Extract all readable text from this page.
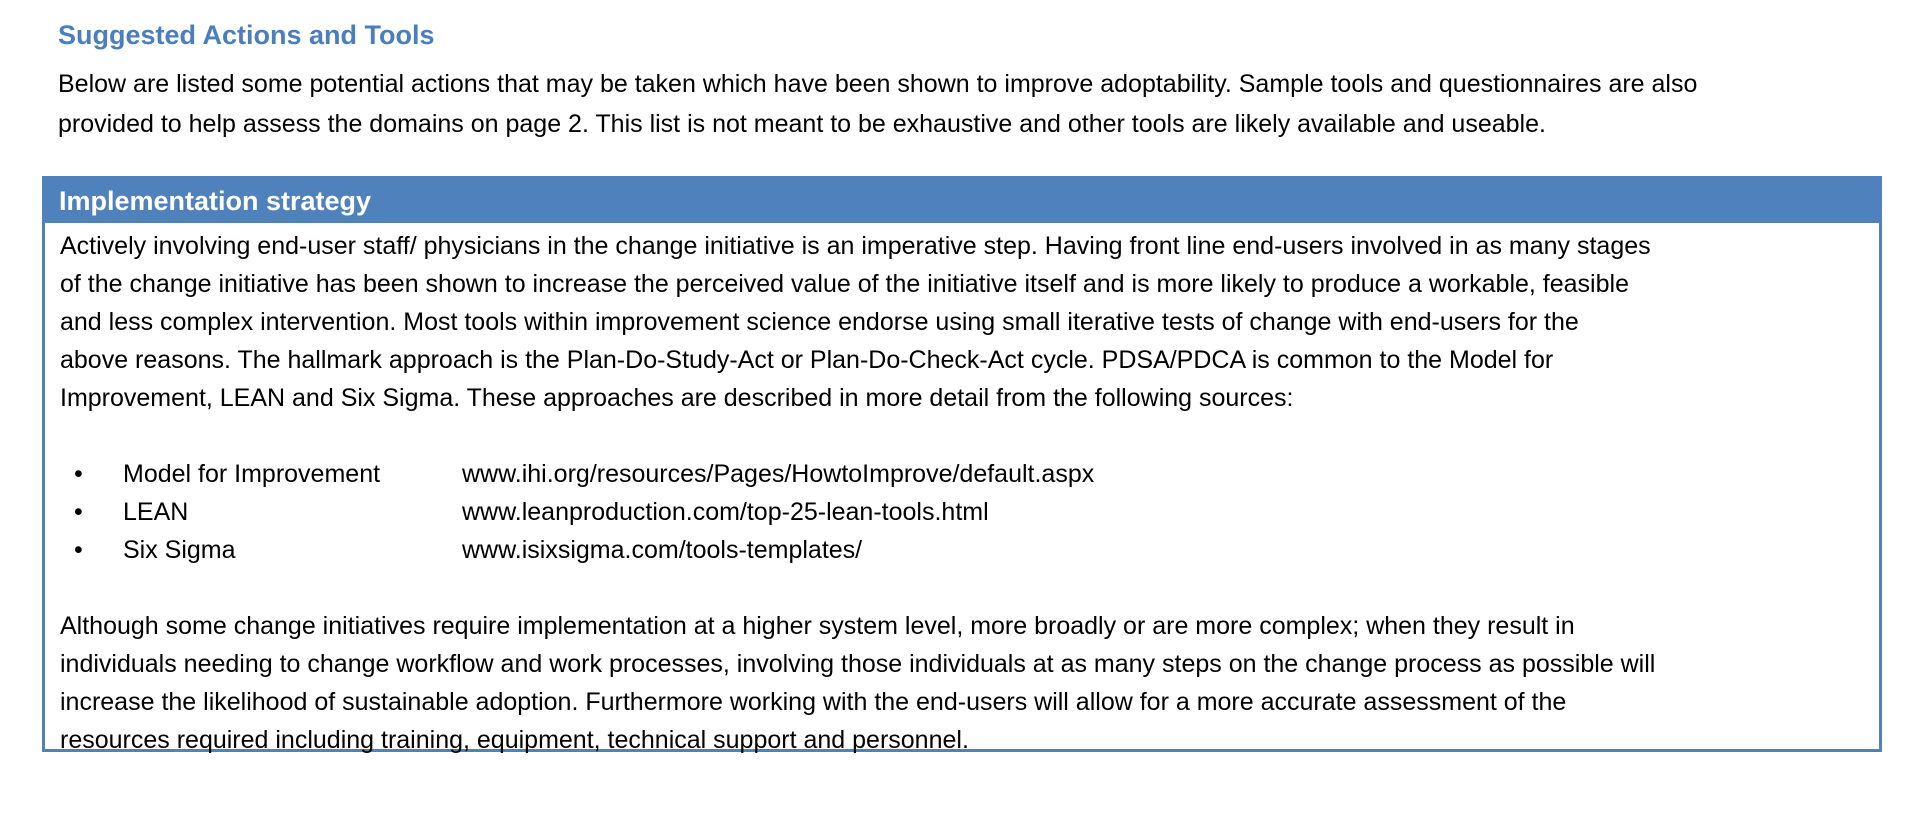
Suggested Actions and Tools

Below are listed some potential actions that may be taken which have been shown to improve adoptability. Sample tools and questionnaires are also
provided to help assess the domains on page 2. This list is not meant to be exhaustive and other tools are likely available and useable.

Implementation strategy
Actively involving end-user staff/ physicians in the change initiative is an imperative step. Having front line end-users involved in as many stages
of the change initiative has been shown to increase the perceived value of the initiative itself and is more likely to produce a workable, feasible
and less complex intervention. Most tools within improvement science endorse using small iterative tests of change with end-users for the
above reasons. The hallmark approach is the Plan-Do-Study-Act or Plan-Do-Check-Act cycle. PDSA/PDCA is common to the Model for
Improvement, LEAN and Six Sigma. These approaches are described in more detail from the following sources:
• Model for Improvement	www.ihi.org/resources/Pages/HowtoImprove/default.aspx
• LEAN	www.leanproduction.com/top-25-lean-tools.html
• Six Sigma	www.isixsigma.com/tools-templates/
Although some change initiatives require implementation at a higher system level, more broadly or are more complex; when they result in
individuals needing to change workflow and work processes, involving those individuals at as many steps on the change process as possible will
increase the likelihood of sustainable adoption. Furthermore working with the end-users will allow for a more accurate assessment of the
resources required including training, equipment, technical support and personnel.
